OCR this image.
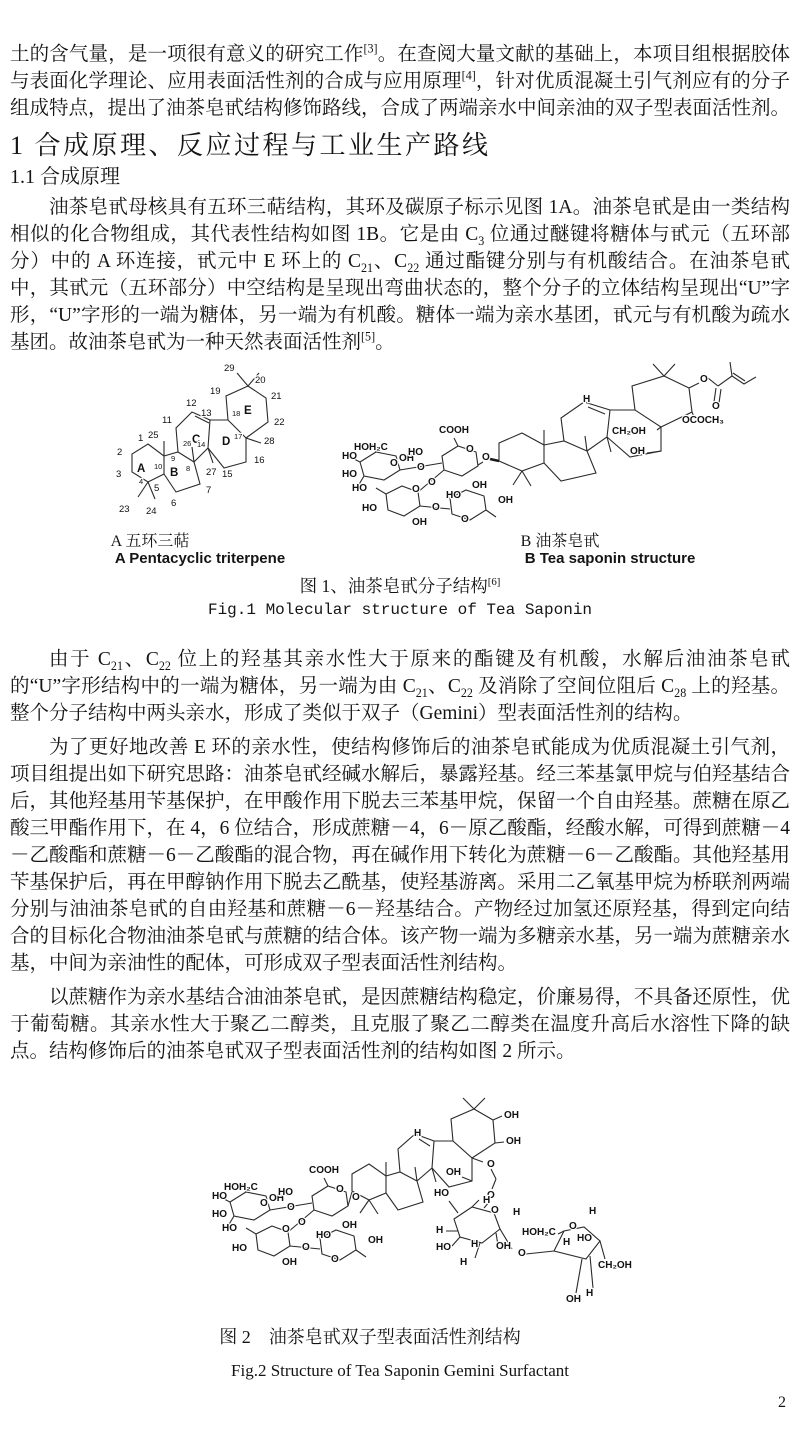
土的含气量，是一项很有意义的研究工作[3]。在查阅大量文献的基础上，本项目组根据胶体与表面化学理论、应用表面活性剂的合成与应用原理[4]，针对优质混凝土引气剂应有的分子组成特点，提出了油茶皂甙结构修饰路线，合成了两端亲水中间亲油的双子型表面活性剂。

1 合成原理、反应过程与工业生产路线
1.1 合成原理

油茶皂甙母核具有五环三萜结构，其环及碳原子标示见图 1A。油茶皂甙是由一类结构相似的化合物组成，其代表性结构如图 1B。它是由 $C_3$ 位通过醚键将糖体与甙元（五环部分）中的 A 环连接，甙元中 E 环上的 $C_{21}$、$C_{22}$ 通过酯键分别与有机酸结合。在油茶皂甙中，其甙元（五环部分）中空结构是呈现出弯曲状态的，整个分子的立体结构呈现出“U”字形，“U”字形的一端为糖体，另一端为有机酸。糖体一端为亲水基团，甙元与有机酸为疏水基团。故油茶皂甙为一种天然表面活性剂[5]。

29
20
19	21
12
13	18 E
22
11
25
1	26 C
14 D 17 28
2
9	16
10
A B 8
3	27 15
4
5	7
6
23 24
HOH₂C
HO	OH
HO
COOH
HO
HO
O
O
O
O
O
O
O
O
HO
OH
HO
OH
OH
H
O
O
OCOCH₃
CH₂OH
OH
A 五环三萜	B 油茶皂甙
A Pentacyclic triterpene	B Tea saponin structure
图 1、油茶皂甙分子结构[6]
Fig.1 Molecular structure of Tea Saponin

由于 $C_{21}$、$C_{22}$ 位上的羟基其亲水性大于原来的酯键及有机酸，水解后油油茶皂甙的“U”字形结构中的一端为糖体，另一端为由 $C_{21}$、$C_{22}$ 及消除了空间位阻后 $C_{28}$ 上的羟基。整个分子结构中两头亲水，形成了类似于双子（Gemini）型表面活性剂的结构。

为了更好地改善 E 环的亲水性，使结构修饰后的油茶皂甙能成为优质混凝土引气剂，项目组提出如下研究思路：油茶皂甙经碱水解后，暴露羟基。经三苯基氯甲烷与伯羟基结合后，其他羟基用苄基保护，在甲酸作用下脱去三苯基甲烷，保留一个自由羟基。蔗糖在原乙酸三甲酯作用下，在 4，6 位结合，形成蔗糖－4，6－原乙酸酯，经酸水解，可得到蔗糖－4－乙酸酯和蔗糖－6－乙酸酯的混合物，再在碱作用下转化为蔗糖－6－乙酸酯。其他羟基用苄基保护后，再在甲醇钠作用下脱去乙酰基，使羟基游离。采用二乙氧基甲烷为桥联剂两端分别与油油茶皂甙的自由羟基和蔗糖－6－羟基结合。产物经过加氢还原羟基，得到定向结合的目标化合物油油茶皂甙与蔗糖的结合体。该产物一端为多糖亲水基，另一端为蔗糖亲水基，中间为亲油性的配体，可形成双子型表面活性剂结构。

以蔗糖作为亲水基结合油油茶皂甙，是因蔗糖结构稳定，价廉易得，不具备还原性，优于葡萄糖。其亲水性大于聚乙二醇类，且克服了聚乙二醇类在温度升高后水溶性下降的缺点。结构修饰后的油茶皂甙双子型表面活性剂的结构如图 2 所示。

HOH₂C
HO	OH
HO
COOH
HO
HO
O
O
O
O
O
O
O
O
HO
OH
HO
OH
OH
H
OH
OH
O
OH
O
HO
H
O H
H
HO H OH
H
O
HOH₂C
O
H
HO
H
CH₂OH
OH
H
图 2　油茶皂甙双子型表面活性剂结构
Fig.2 Structure of Tea Saponin Gemini Surfactant
2
